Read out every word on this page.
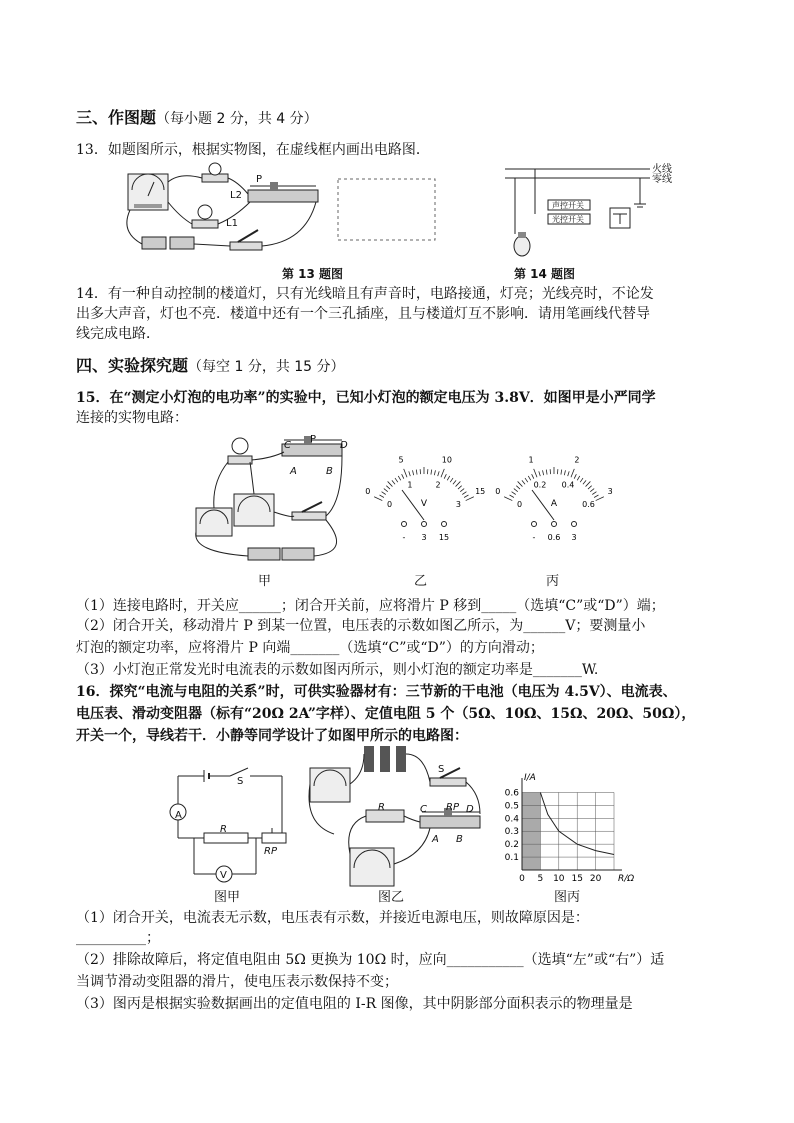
三、作图题（每小题 2 分，共 4 分）
13．如题图所示，根据实物图，在虚线框内画出电路图．
P
L2
L1
第 13 题图
火线
零线
声控开关
光控开关
第 14 题图
14．有一种自动控制的楼道灯，只有光线暗且有声音时，电路接通，灯亮；光线亮时，不论发
出多大声音，灯也不亮．楼道中还有一个三孔插座，且与楼道灯互不影响．请用笔画线代替导
线完成电路．
四、实验探究题（每空 1 分，共 15 分）
15．在“测定小灯泡的电功率”的实验中，已知小灯泡的额定电压为 3.8V．如图甲是小严同学
连接的实物电路：
C
P
D
A	B
0
5	10
15
0
1	2
3
V
- 3 15
0
1	2
3
0
0.2 0.4
0.6
A
- 0.6 3
甲	乙	丙
（1）连接电路时，开关应______；闭合开关前，应将滑片 P 移到_____（选填“C”或“D”）端；
（2）闭合开关，移动滑片 P 到某一位置，电压表的示数如图乙所示，为______V；要测量小
灯泡的额定功率，应将滑片 P 向端_______（选填“C”或“D”）的方向滑动；
（3）小灯泡正常发光时电流表的示数如图丙所示，则小灯泡的额定功率是_______W.
16．探究“电流与电阻的关系”时，可供实验器材有：三节新的干电池（电压为 4.5V）、电流表、
电压表、滑动变阻器（标有“20Ω 2A”字样）、定值电阻 5 个（5Ω、10Ω、15Ω、20Ω、50Ω），
开关一个，导线若干．小静等同学设计了如图甲所示的电路图：
S
A
R
RP
V
S
R	C RP D
A B
0.1
0.2
0.3
0.4
0.5
0.6
0 5 10 15 20
I/A
R/Ω
图甲	图乙	图丙
（1）闭合开关，电流表无示数，电压表有示数，并接近电源电压，则故障原因是：
__________；
（2）排除故障后，将定值电阻由 5Ω 更换为 10Ω 时，应向___________（选填“左”或“右”）适
当调节滑动变阻器的滑片，使电压表示数保持不变；
（3）图丙是根据实验数据画出的定值电阻的 I-R 图像，其中阴影部分面积表示的物理量是
